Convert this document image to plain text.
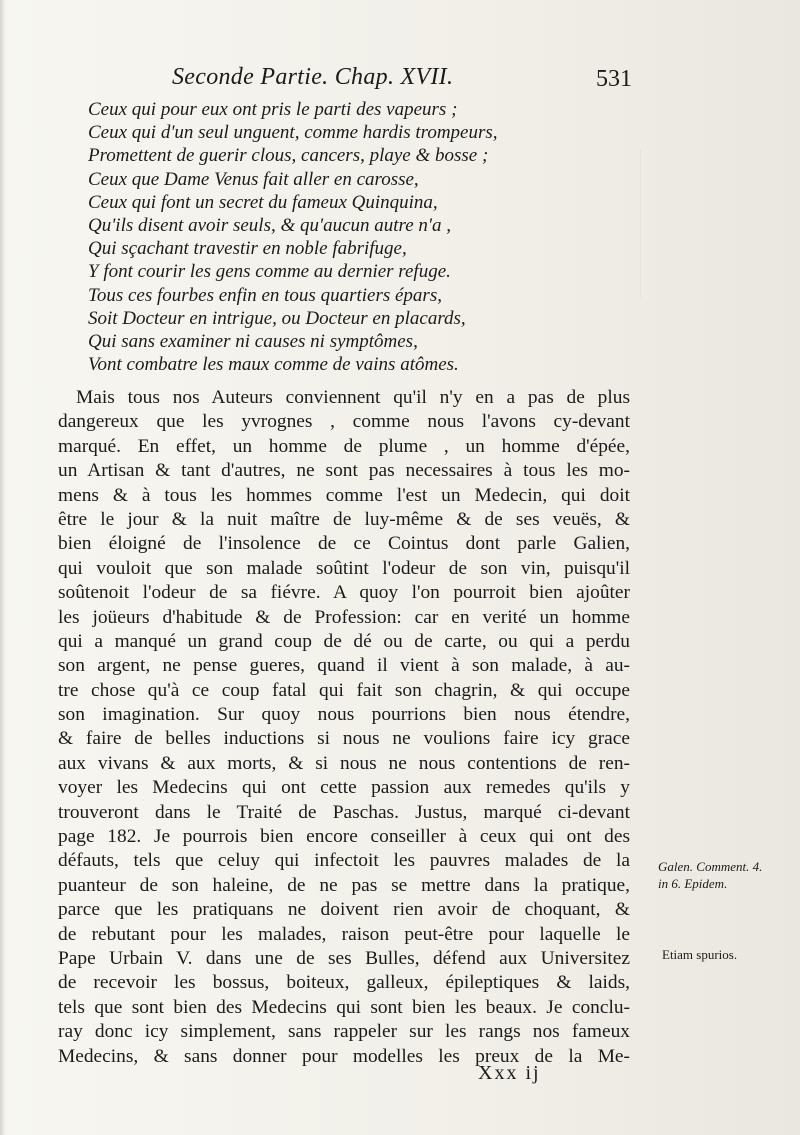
Seconde Partie. Chap. XVII.	531
Ceux qui pour eux ont pris le parti des vapeurs ;
Ceux qui d'un seul unguent, comme hardis trompeurs,
Promettent de guerir clous, cancers, playe & bosse ;
Ceux que Dame Venus fait aller en carosse,
Ceux qui font un secret du fameux Quinquina,
Qu'ils disent avoir seuls, & qu'aucun autre n'a ,
Qui sçachant travestir en noble fabrifuge,
Y font courir les gens comme au dernier refuge.
Tous ces fourbes enfin en tous quartiers épars,
Soit Docteur en intrigue, ou Docteur en placards,
Qui sans examiner ni causes ni symptômes,
Vont combatre les maux comme de vains atômes.
Mais tous nos Auteurs conviennent qu'il n'y en a pas de plus
dangereux que les yvrognes , comme nous l'avons cy-devant
marqué. En effet, un homme de plume , un homme d'épée,
un Artisan & tant d'autres, ne sont pas necessaires à tous les mo-
mens & à tous les hommes comme l'est un Medecin, qui doit
être le jour & la nuit maître de luy-même & de ses veuës, &
bien éloigné de l'insolence de ce Cointus dont parle Galien,
qui vouloit que son malade soûtint l'odeur de son vin, puisqu'il
soûtenoit l'odeur de sa fiévre. A quoy l'on pourroit bien ajoûter
les joüeurs d'habitude & de Profession: car en verité un homme
qui a manqué un grand coup de dé ou de carte, ou qui a perdu
son argent, ne pense gueres, quand il vient à son malade, à au-
tre chose qu'à ce coup fatal qui fait son chagrin, & qui occupe
son imagination. Sur quoy nous pourrions bien nous étendre,
& faire de belles inductions si nous ne voulions faire icy grace
aux vivans & aux morts, & si nous ne nous contentions de ren-
voyer les Medecins qui ont cette passion aux remedes qu'ils y
trouveront dans le Traité de Paschas. Justus, marqué ci-devant
page 182. Je pourrois bien encore conseiller à ceux qui ont des
défauts, tels que celuy qui infectoit les pauvres malades de la
puanteur de son haleine, de ne pas se mettre dans la pratique,
parce que les pratiquans ne doivent rien avoir de choquant, &
de rebutant pour les malades, raison peut-être pour laquelle le
Pape Urbain V. dans une de ses Bulles, défend aux Universitez
de recevoir les bossus, boiteux, galleux, épileptiques & laids,
tels que sont bien des Medecins qui sont bien les beaux. Je conclu-
ray donc icy simplement, sans rappeler sur les rangs nos fameux
Medecins, & sans donner pour modelles les preux de la Me-
Galen. Comment. 4.
in 6. Epidem.
Etiam spurios.
Xxx ij
